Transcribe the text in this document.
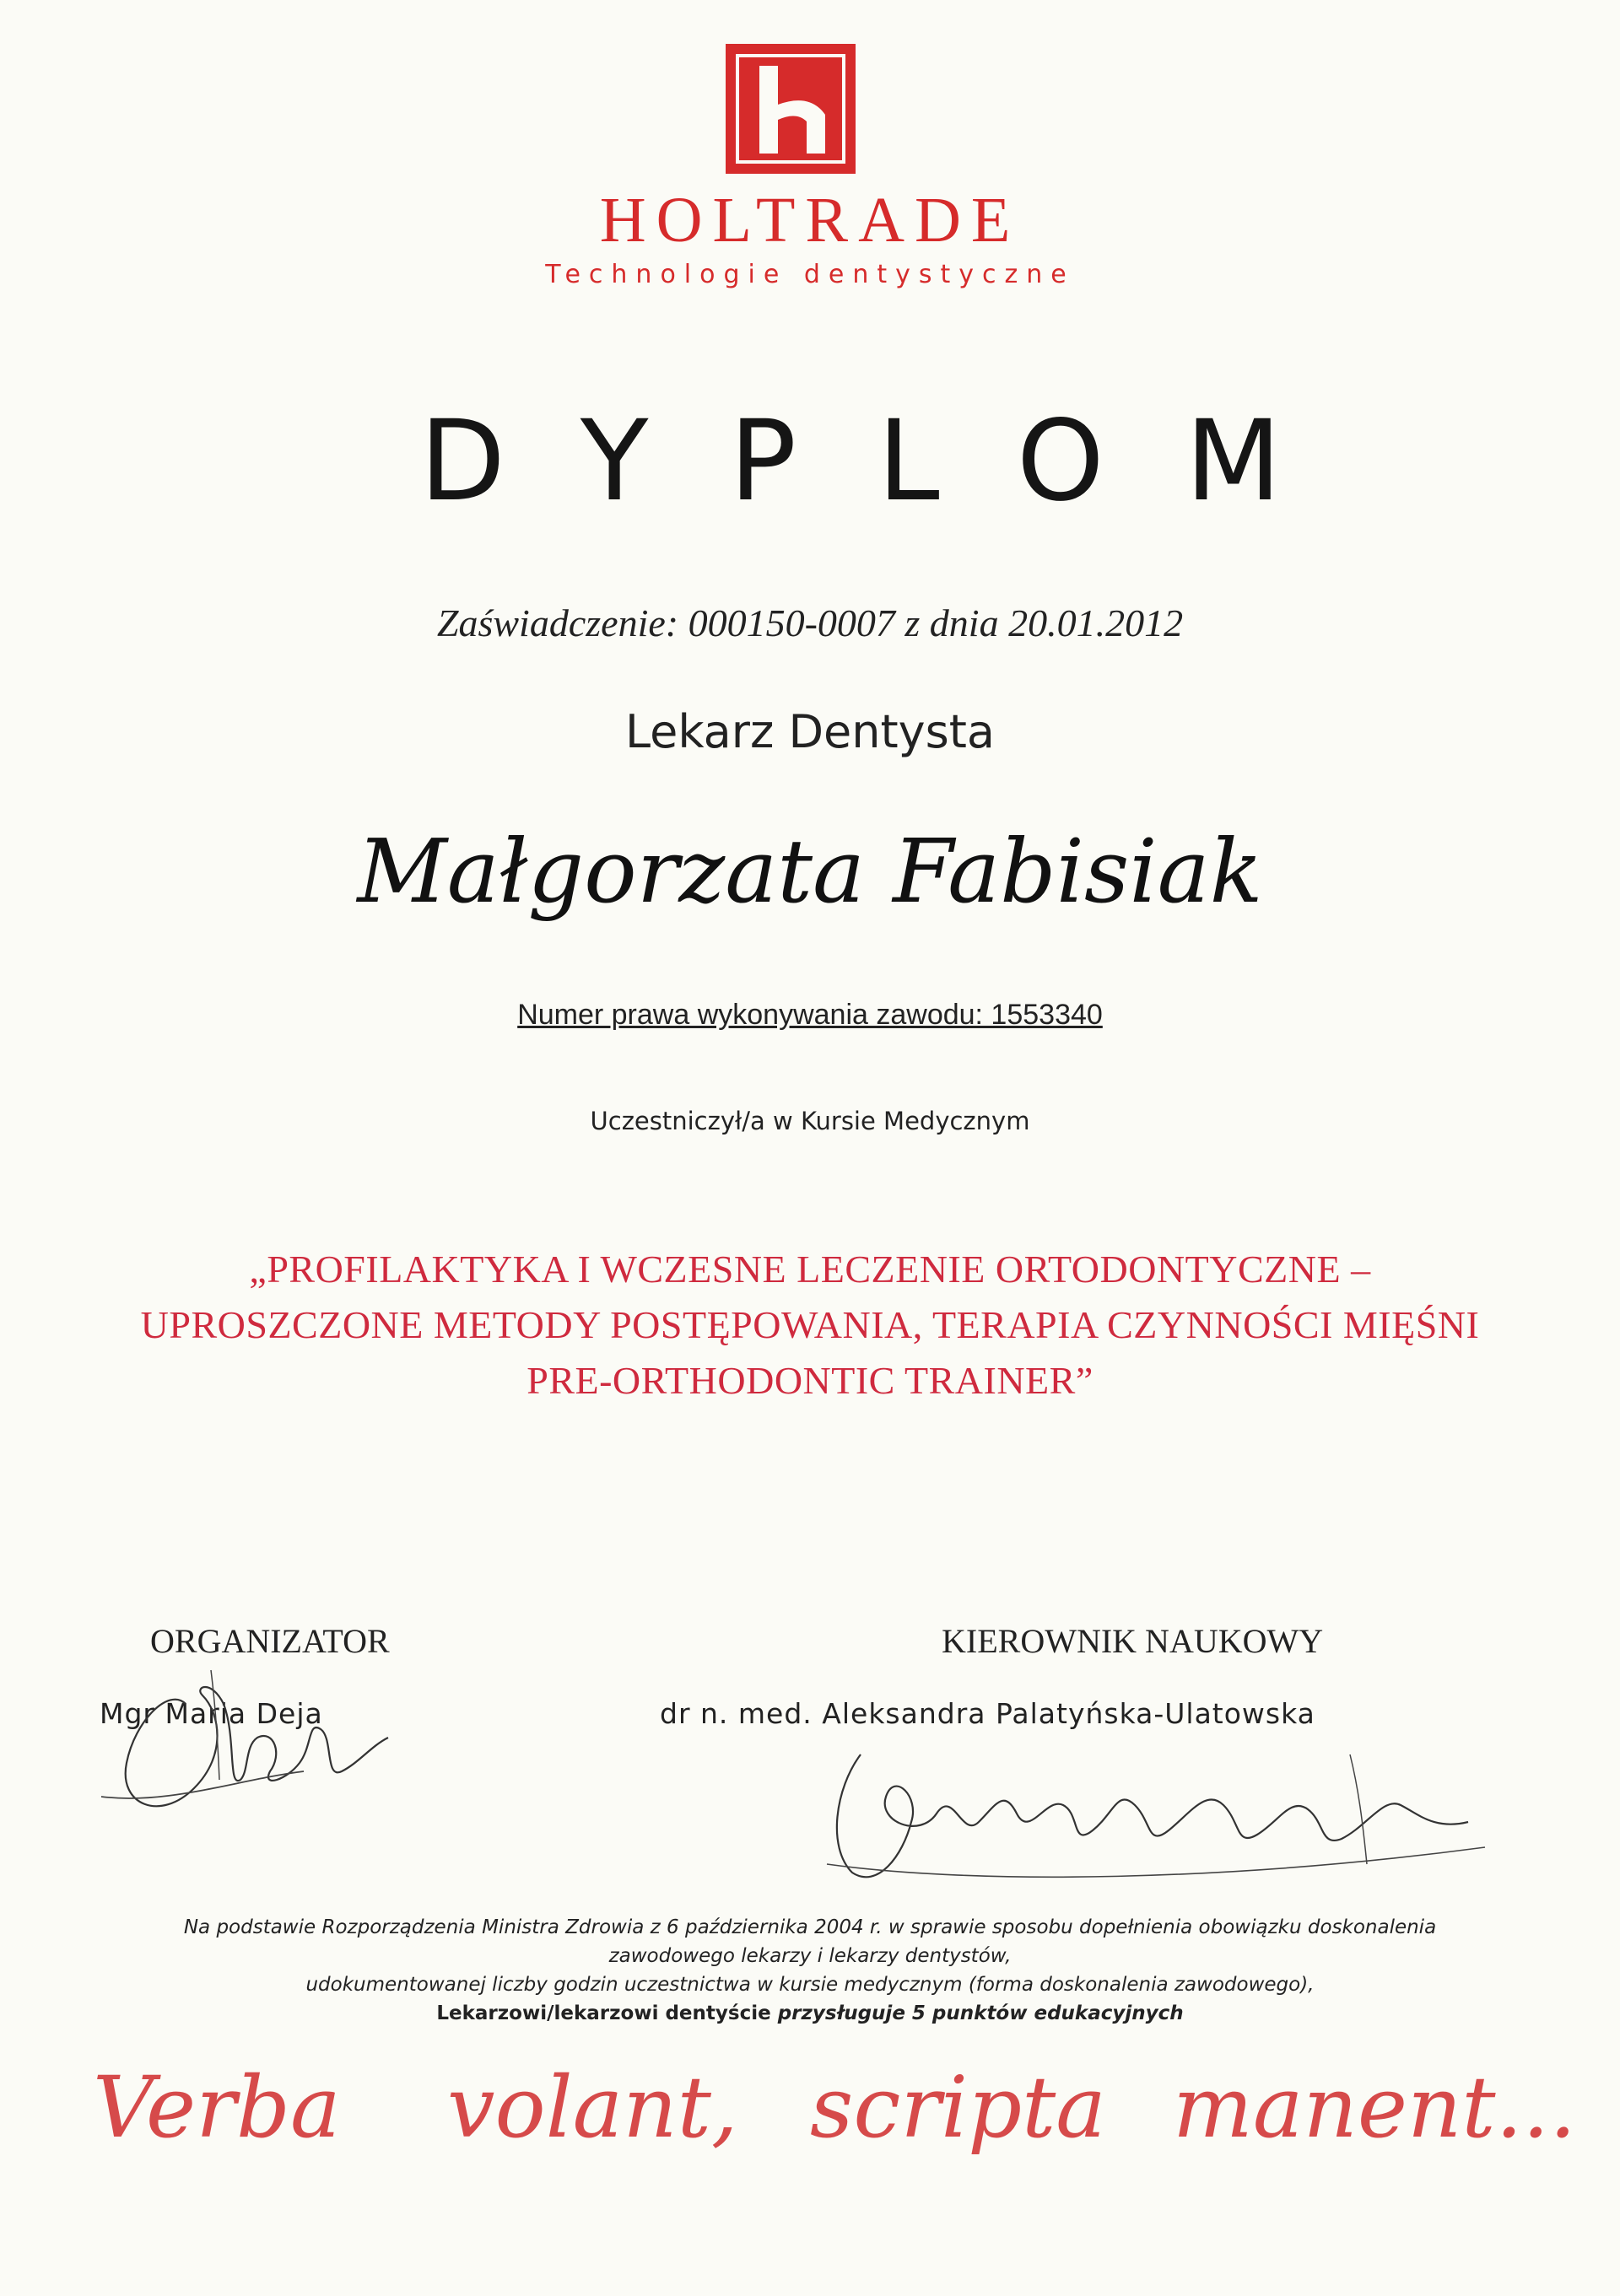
HOLTRADE
Technologie dentystyczne
DYPLOM
Zaświadczenie: 000150-0007 z dnia 20.01.2012
Lekarz Dentysta
Małgorzata Fabisiak
Numer prawa wykonywania zawodu: 1553340
Uczestniczył/a w Kursie Medycznym
„PROFILAKTYKA I WCZESNE LECZENIE ORTODONTYCZNE –
UPROSZCZONE METODY POSTĘPOWANIA, TERAPIA CZYNNOŚCI MIĘŚNI
PRE-ORTHODONTIC TRAINER”
ORGANIZATOR
Mgr Maria Deja
KIEROWNIK NAUKOWY
dr n. med. Aleksandra Palatyńska-Ulatowska
Na podstawie Rozporządzenia Ministra Zdrowia z 6 października 2004 r. w sprawie sposobu dopełnienia obowiązku doskonalenia
zawodowego lekarzy i lekarzy dentystów,
udokumentowanej liczby godzin uczestnictwa w kursie medycznym (forma doskonalenia zawodowego),
Lekarzowi/lekarzowi dentyście przysługuje 5 punktów edukacyjnych
Verba volant, scripta manent...
